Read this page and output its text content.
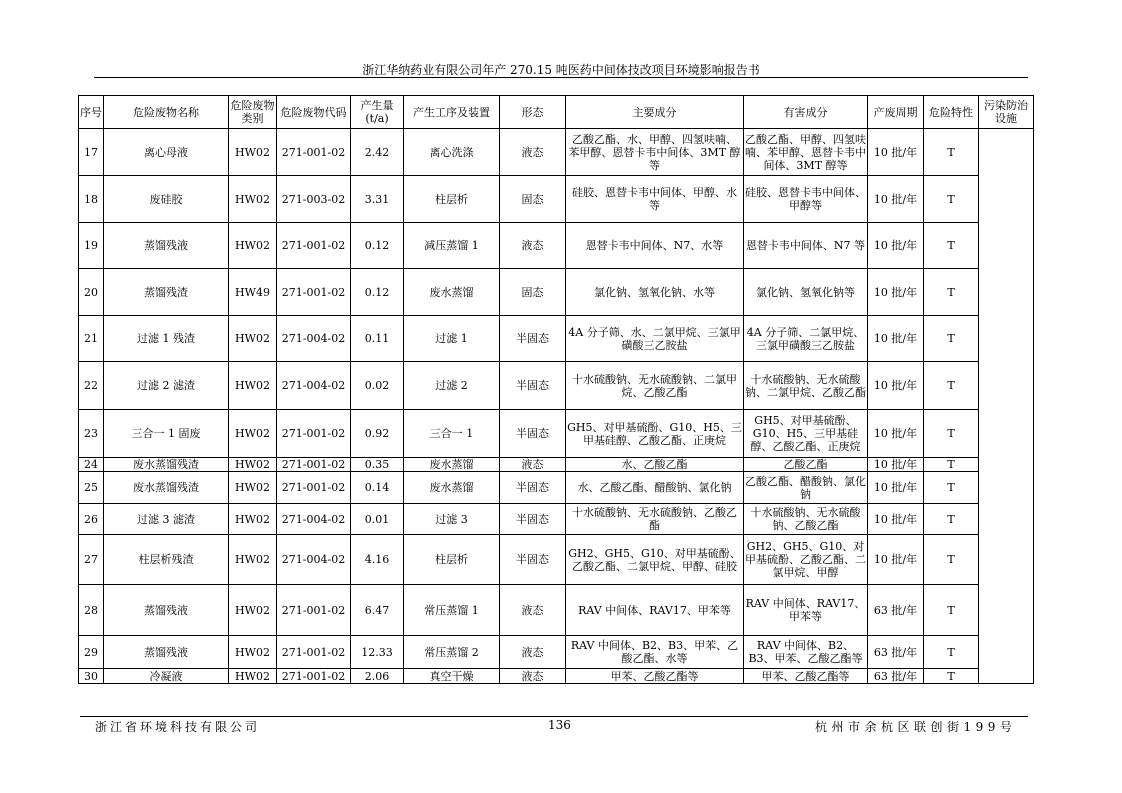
浙江华纳药业有限公司年产 270.15 吨医药中间体技改项目环境影响报告书
序号	危险废物名称	危险废物类别	危险废物代码	产生量(t/a)	产生工序及装置	形态	主要成分	有害成分	产废周期	危险特性	污染防治设施
17	离心母液	HW02	271-001-02	2.42	离心洗涤	液态	乙酸乙酯、水、甲醇、四氢呋喃、苯甲醇、恩替卡韦中间体、3MT 醇等	乙酸乙酯、甲醇、四氢呋喃、苯甲醇、恩替卡韦中间体、3MT 醇等	10 批/年	T	
18	废硅胶	HW02	271-003-02	3.31	柱层析	固态	硅胶、恩替卡韦中间体、甲醇、水等	硅胶、恩替卡韦中间体、甲醇等	10 批/年	T	
19	蒸馏残液	HW02	271-001-02	0.12	减压蒸馏 1	液态	恩替卡韦中间体、N7、水等	恩替卡韦中间体、N7 等	10 批/年	T	
20	蒸馏残渣	HW49	271-001-02	0.12	废水蒸馏	固态	氯化钠、氢氧化钠、水等	氯化钠、氢氧化钠等	10 批/年	T	
21	过滤 1 残渣	HW02	271-004-02	0.11	过滤 1	半固态	4A 分子筛、水、二氯甲烷、三氯甲磺酸三乙胺盐	4A 分子筛、二氯甲烷、三氯甲磺酸三乙胺盐	10 批/年	T	
22	过滤 2 滤渣	HW02	271-004-02	0.02	过滤 2	半固态	十水硫酸钠、无水硫酸钠、二氯甲烷、乙酸乙酯	十水硫酸钠、无水硫酸钠、二氯甲烷、乙酸乙酯	10 批/年	T	
23	三合一 1 固废	HW02	271-001-02	0.92	三合一 1	半固态	GH5、对甲基硫酚、G10、H5、三甲基硅醇、乙酸乙酯、正庚烷	GH5、对甲基硫酚、G10、H5、三甲基硅醇、乙酸乙酯、正庚烷	10 批/年	T	
24	废水蒸馏残渣	HW02	271-001-02	0.35	废水蒸馏	液态	水、乙酸乙酯	乙酸乙酯	10 批/年	T	
25	废水蒸馏残渣	HW02	271-001-02	0.14	废水蒸馏	半固态	水、乙酸乙酯、醋酸钠、氯化钠	乙酸乙酯、醋酸钠、氯化钠	10 批/年	T	
26	过滤 3 滤渣	HW02	271-004-02	0.01	过滤 3	半固态	十水硫酸钠、无水硫酸钠、乙酸乙酯	十水硫酸钠、无水硫酸钠、乙酸乙酯	10 批/年	T	
27	柱层析残渣	HW02	271-004-02	4.16	柱层析	半固态	GH2、GH5、G10、对甲基硫酚、乙酸乙酯、二氯甲烷、甲醇、硅胶	GH2、GH5、G10、对甲基硫酚、乙酸乙酯、二氯甲烷、甲醇	10 批/年	T	
28	蒸馏残液	HW02	271-001-02	6.47	常压蒸馏 1	液态	RAV 中间体、RAV17、甲苯等	RAV 中间体、RAV17、甲苯等	63 批/年	T	
29	蒸馏残液	HW02	271-001-02	12.33	常压蒸馏 2	液态	RAV 中间体、B2、B3、甲苯、乙酸乙酯、水等	RAV 中间体、B2、B3、甲苯、乙酸乙酯等	63 批/年	T	
30	冷凝液	HW02	271-001-02	2.06	真空干燥	液态	甲苯、乙酸乙酯等	甲苯、乙酸乙酯等	63 批/年	T	
浙江省环境科技有限公司	136	杭州市余杭区联创街199号
